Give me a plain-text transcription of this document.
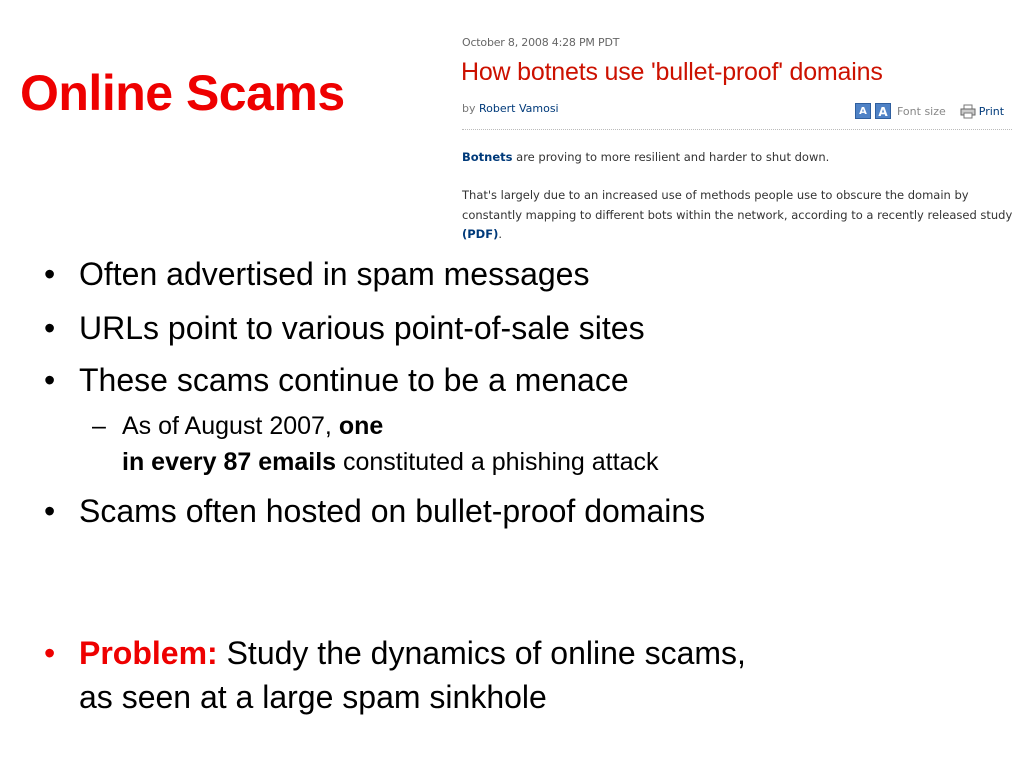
Online Scams
October 8, 2008 4:28 PM PDT
How botnets use 'bullet-proof' domains
by Robert Vamosi	A A Font size	Print
Botnets are proving to more resilient and harder to shut down.
That's largely due to an increased use of methods people use to obscure the domain by constantly mapping to different bots within the network, according to a recently released study (PDF).
• Often advertised in spam messages
• URLs point to various point-of-sale sites
• These scams continue to be a menace
– As of August 2007, one
in every 87 emails constituted a phishing attack
• Scams often hosted on bullet-proof domains
• Problem: Study the dynamics of online scams,
as seen at a large spam sinkhole
